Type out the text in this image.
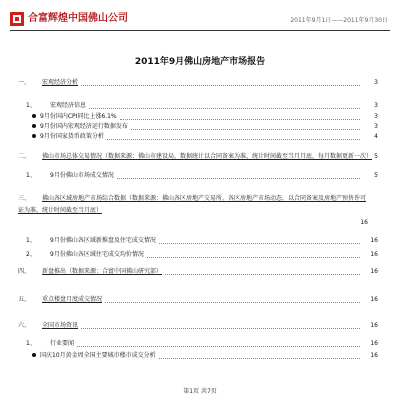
合富辉煌中国佛山公司	2011年9月1日——2011年9月30日
2011年9月佛山房地产市场报告
一、 宏观经济分析	3
1、 宏观经济信息	3
9月份国内CPI同比上涨6.1%	3
9月份国内宏观经济运行数据发布	3
9月份国家货币政策分析	4
二、 佛山市场总体交易情况（数据来源：佛山市建设局，数据统计以合同备案为准，统计时间截至当月月底，每月数据更新一次） 5
1、 9月份佛山市场成交情况	5
三、 佛山各区域房地产市场综合数据（数据来源：佛山各区房地产交易所、各区房地产市场动态，以合同备案及房地产预售许可证为准，统计时间截至当月底）
16
1、 9月份佛山各区域新推盘及住宅成交情况	16
2、 9月份佛山各区域住宅成交均价情况	16
四、 新盘推出（数据来源：合富中国佛山研究部）	16
五、 重点楼盘月度成交情况	16
六、 全国市场资讯	16
1、 行业要闻	16
国庆10月黄金周全国主要城市楼市成交分析	16
第1页 共7页
